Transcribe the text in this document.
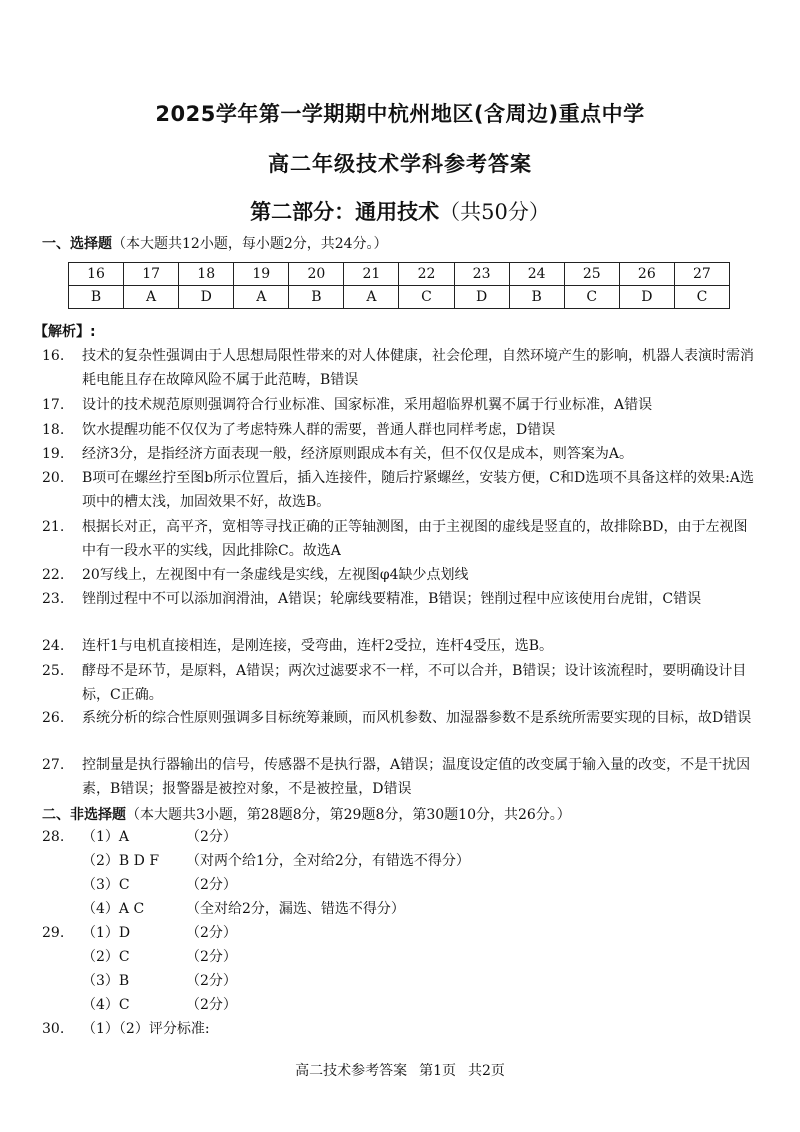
2025学年第一学期期中杭州地区(含周边)重点中学
高二年级技术学科参考答案
第二部分：通用技术（共50分）
一、选择题（本大题共12小题，每小题2分，共24分。）
16	17	18	19	20	21	22	23	24	25	26	27
B	A	D	A	B	A	C	D	B	C	D	C
【解析】:
16. 技术的复杂性强调由于人思想局限性带来的对人体健康，社会伦理，自然环境产生的影响，机器人表演时需消耗电能且存在故障风险不属于此范畴，B错误
17. 设计的技术规范原则强调符合行业标准、国家标准，采用超临界机翼不属于行业标准，A错误
18. 饮水提醒功能不仅仅为了考虑特殊人群的需要，普通人群也同样考虑，D错误
19. 经济3分，是指经济方面表现一般，经济原则跟成本有关，但不仅仅是成本，则答案为A。
20. B项可在螺丝拧至图b所示位置后，插入连接件，随后拧紧螺丝，安装方便，C和D选项不具备这样的效果:A选项中的槽太浅，加固效果不好，故选B。
21. 根据长对正，高平齐，宽相等寻找正确的正等轴测图，由于主视图的虚线是竖直的，故排除BD，由于左视图中有一段水平的实线，因此排除C。故选A
22. 20写线上，左视图中有一条虚线是实线，左视图φ4缺少点划线
23. 锉削过程中不可以添加润滑油，A错误；轮廓线要精准，B错误；锉削过程中应该使用台虎钳，C错误
24. 连杆1与电机直接相连，是刚连接，受弯曲，连杆2受拉，连杆4受压，选B。
25. 酵母不是环节，是原料，A错误；两次过滤要求不一样，不可以合并，B错误；设计该流程时，要明确设计目标，C正确。
26. 系统分析的综合性原则强调多目标统筹兼顾，而风机参数、加湿器参数不是系统所需要实现的目标，故D错误
27. 控制量是执行器输出的信号，传感器不是执行器，A错误；温度设定值的改变属于输入量的改变，不是干扰因素，B错误；报警器是被控对象，不是被控量，D错误
二、非选择题（本大题共3小题，第28题8分，第29题8分，第30题10分，共26分。）
28. （1）A	（2分）
（2）B D F （对两个给1分，全对给2分，有错选不得分）
（3）C	（2分）
（4）A C	（全对给2分，漏选、错选不得分）
29. （1）D	（2分）
（2）C	（2分）
（3）B	（2分）
（4）C	（2分）
30. （1）（2）评分标准:
高二技术参考答案 第1页 共2页
